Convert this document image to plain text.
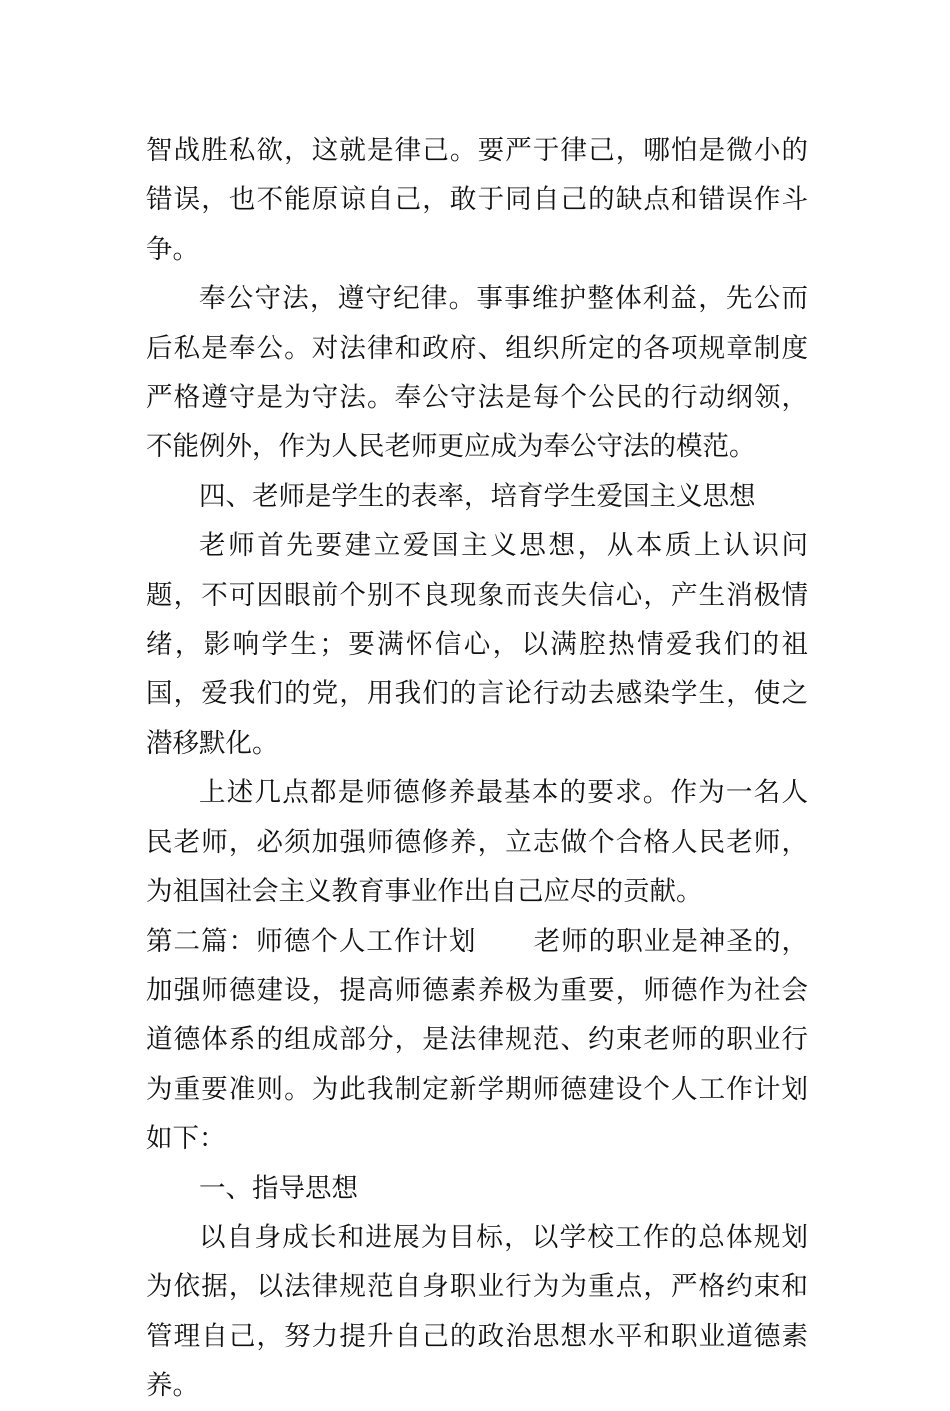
智战胜私欲，这就是律己。要严于律己，哪怕是微小的错误，也不能原谅自己，敢于同自己的缺点和错误作斗争。

奉公守法，遵守纪律。事事维护整体利益，先公而后私是奉公。对法律和政府、组织所定的各项规章制度严格遵守是为守法。奉公守法是每个公民的行动纲领，不能例外，作为人民老师更应成为奉公守法的模范。

四、老师是学生的表率，培育学生爱国主义思想

老师首先要建立爱国主义思想，从本质上认识问题，不可因眼前个别不良现象而丧失信心，产生消极情绪，影响学生；要满怀信心，以满腔热情爱我们的祖国，爱我们的党，用我们的言论行动去感染学生，使之潜移默化。

上述几点都是师德修养最基本的要求。作为一名人民老师，必须加强师德修养，立志做个合格人民老师，为祖国社会主义教育事业作出自己应尽的贡献。

第二篇：师德个人工作计划 老师的职业是神圣的，加强师德建设，提高师德素养极为重要，师德作为社会道德体系的组成部分，是法律规范、约束老师的职业行为重要准则。为此我制定新学期师德建设个人工作计划如下：

一、指导思想

以自身成长和进展为目标，以学校工作的总体规划为依据，以法律规范自身职业行为为重点，严格约束和管理自己，努力提升自己的政治思想水平和职业道德素养。
